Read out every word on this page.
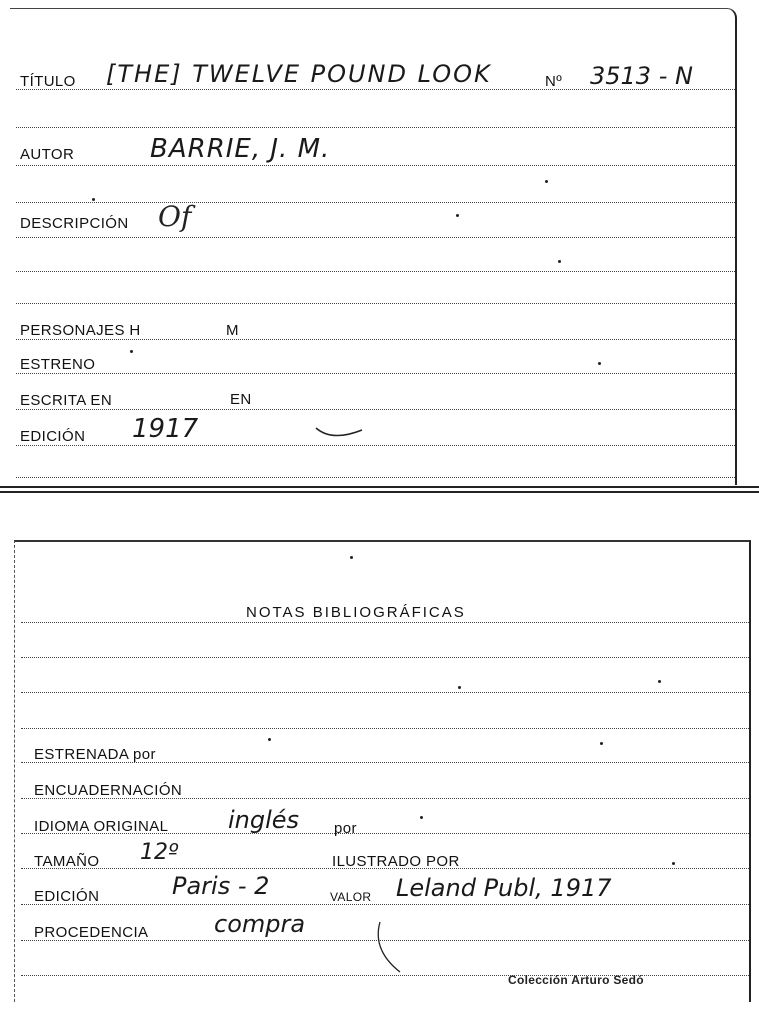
TÍTULO [THE] TWELVE POUND LOOK	Nº 3513 - N
AUTOR	BARRIE, J. M.
DESCRIPCIÓN Of
PERSONAJES H	M
ESTRENO
ESCRITA EN	EN
EDICIÓN 1917
NOTAS BIBLIOGRÁFICAS
ESTRENADA por
ENCUADERNACIÓN
IDIOMA ORIGINAL inglés por
TAMAÑO 12º	ILUSTRADO POR
EDICIÓN	Paris - 2	VALOR Leland Publ, 1917
PROCEDENCIA	compra
Colección Arturo Sedó
